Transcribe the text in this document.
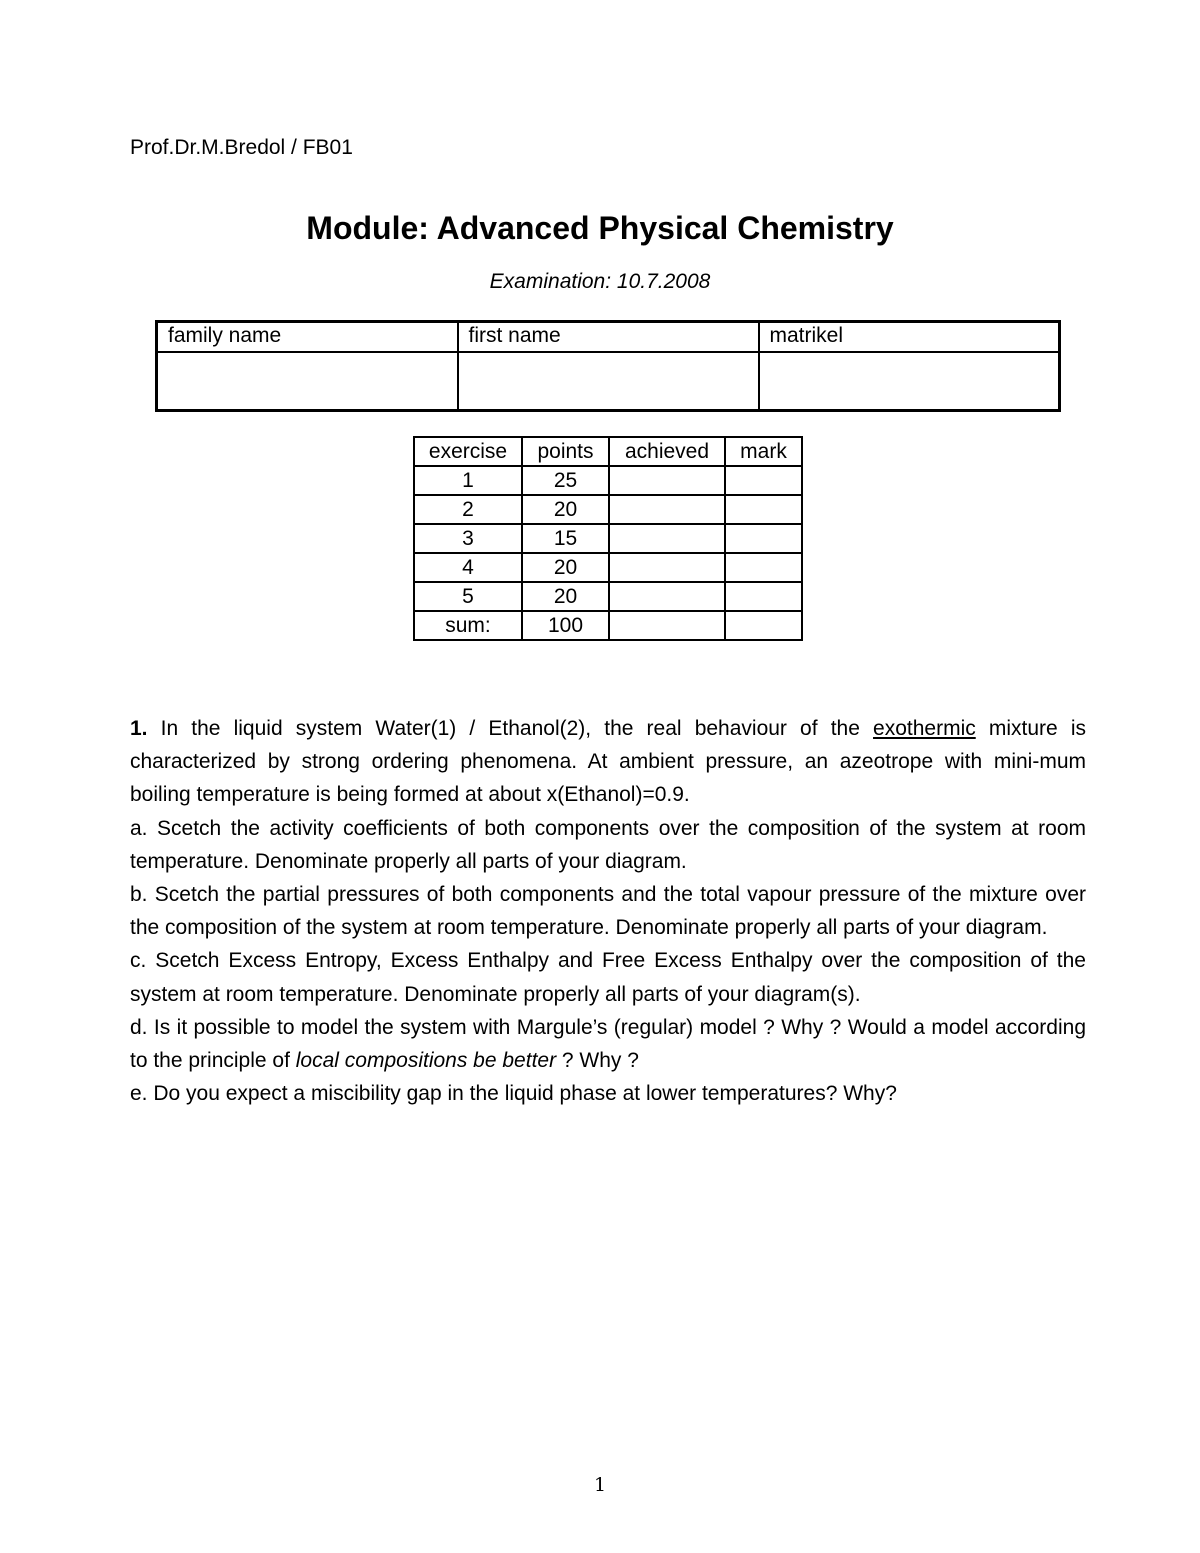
Prof.Dr.M.Bredol / FB01
Module: Advanced Physical Chemistry
Examination: 10.7.2008
family name	first name	matrikel

exercise	points	achieved	mark
1	25		
2	20		
3	15		
4	20		
5	20		
sum:	100		

1. In the liquid system Water(1) / Ethanol(2), the real behaviour of the exothermic mixture is characterized by strong ordering phenomena. At ambient pressure, an azeotrope with mini-mum boiling temperature is being formed at about x(Ethanol)=0.9.

a. Scetch the activity coefficients of both components over the composition of the system at room temperature. Denominate properly all parts of your diagram.

b. Scetch the partial pressures of both components and the total vapour pressure of the mixture over the composition of the system at room temperature. Denominate properly all parts of your diagram.

c. Scetch Excess Entropy, Excess Enthalpy and Free Excess Enthalpy over the composition of the system at room temperature. Denominate properly all parts of your diagram(s).

d. Is it possible to model the system with Margule’s (regular) model ? Why ? Would a model according to the principle of local compositions be better ? Why ?

e. Do you expect a miscibility gap in the liquid phase at lower temperatures? Why?

1
